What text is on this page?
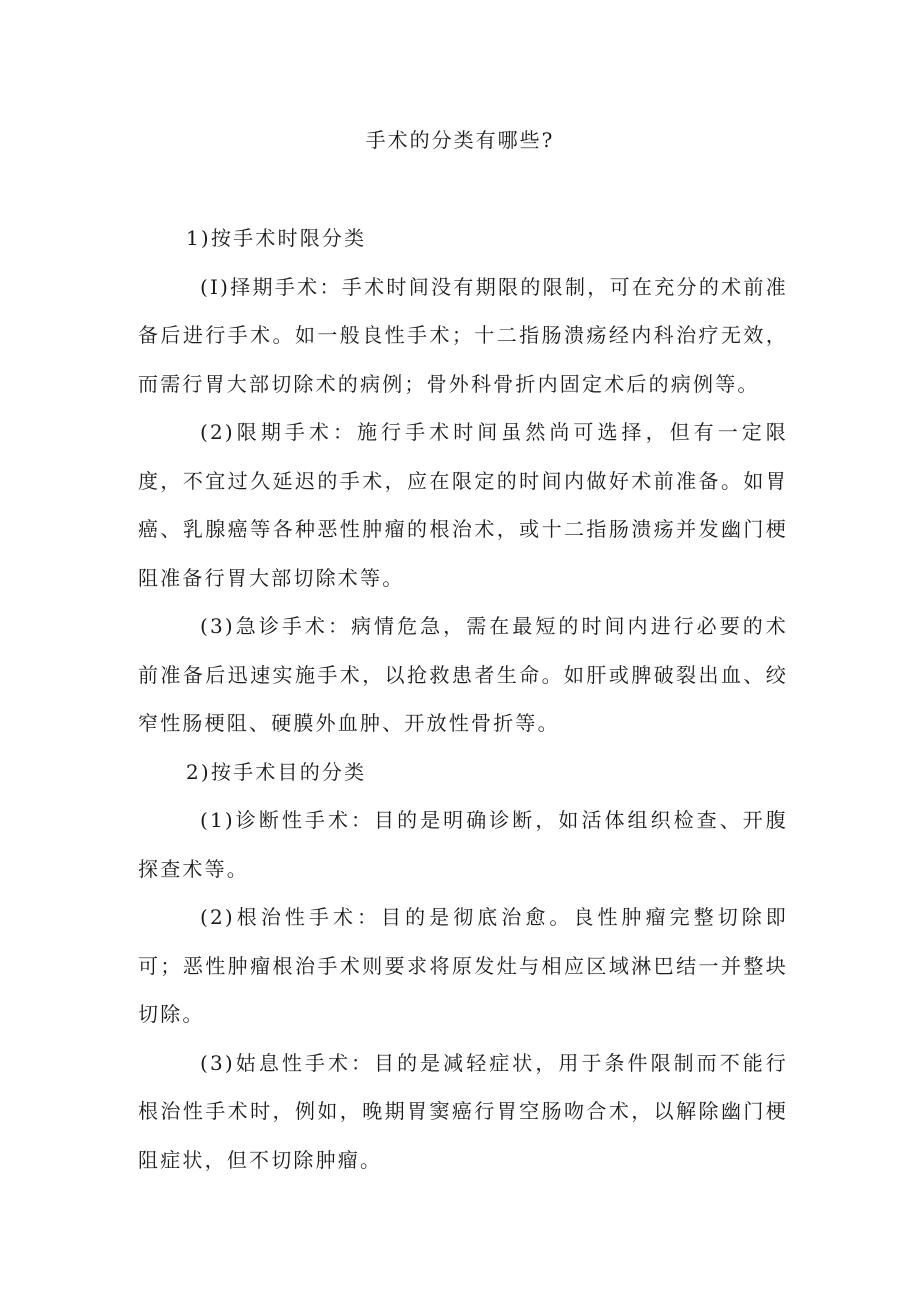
手术的分类有哪些?

1)按手术时限分类

(I)择期手术：手术时间没有期限的限制，可在充分的术前准备后进行手术。如一般良性手术；十二指肠溃疡经内科治疗无效，而需行胃大部切除术的病例；骨外科骨折内固定术后的病例等。

(2)限期手术：施行手术时间虽然尚可选择，但有一定限度，不宜过久延迟的手术，应在限定的时间内做好术前准备。如胃癌、乳腺癌等各种恶性肿瘤的根治术，或十二指肠溃疡并发幽门梗阻准备行胃大部切除术等。

(3)急诊手术：病情危急，需在最短的时间内进行必要的术前准备后迅速实施手术，以抢救患者生命。如肝或脾破裂出血、绞窄性肠梗阻、硬膜外血肿、开放性骨折等。

2)按手术目的分类

(1)诊断性手术：目的是明确诊断，如活体组织检查、开腹探查术等。

(2)根治性手术：目的是彻底治愈。良性肿瘤完整切除即可；恶性肿瘤根治手术则要求将原发灶与相应区域淋巴结一并整块切除。

(3)姑息性手术：目的是减轻症状，用于条件限制而不能行根治性手术时，例如，晚期胃窦癌行胃空肠吻合术，以解除幽门梗阻症状，但不切除肿瘤。
